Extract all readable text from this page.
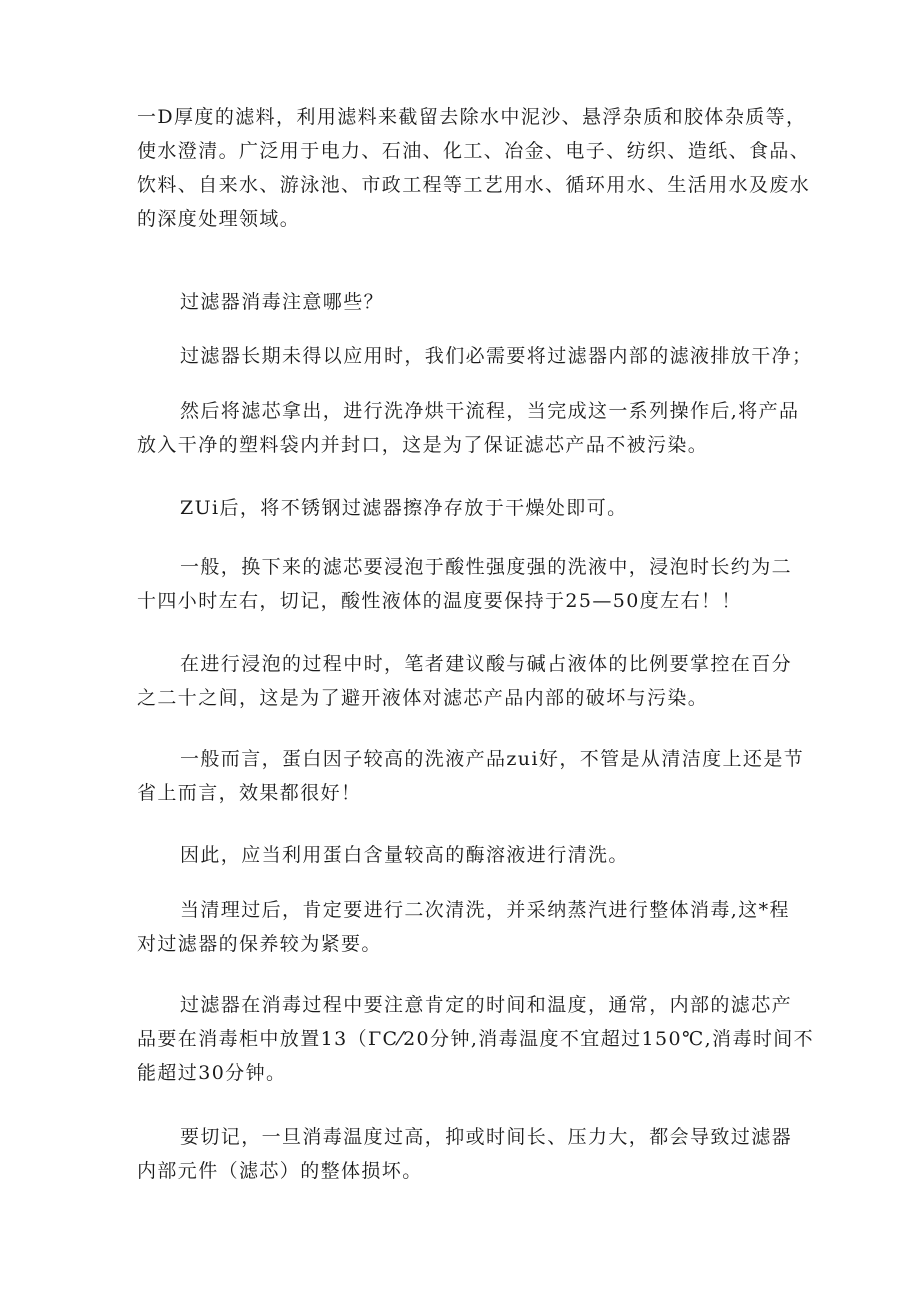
一D厚度的滤料，利用滤料来截留去除水中泥沙、悬浮杂质和胶体杂质等，
使水澄清。广泛用于电力、石油、化工、冶金、电子、纺织、造纸、食品、
饮料、自来水、游泳池、市政工程等工艺用水、循环用水、生活用水及废水
的深度处理领域。
过滤器消毒注意哪些？
过滤器长期未得以应用时，我们必需要将过滤器内部的滤液排放干净；
然后将滤芯拿出，进行洗净烘干流程，当完成这一系列操作后,将产品
放入干净的塑料袋内并封口，这是为了保证滤芯产品不被污染。
ZUi后，将不锈钢过滤器擦净存放于干燥处即可。
一般，换下来的滤芯要浸泡于酸性强度强的洗液中，浸泡时长约为二
十四小时左右，切记，酸性液体的温度要保持于25—50度左右！！
在进行浸泡的过程中时，笔者建议酸与碱占液体的比例要掌控在百分
之二十之间，这是为了避开液体对滤芯产品内部的破坏与污染。
一般而言，蛋白因子较高的洗液产品zui好，不管是从清洁度上还是节
省上而言，效果都很好！
因此，应当利用蛋白含量较高的酶溶液进行清洗。
当清理过后，肯定要进行二次清洗，并采纳蒸汽进行整体消毒,这*程
对过滤器的保养较为紧要。
过滤器在消毒过程中要注意肯定的时间和温度，通常，内部的滤芯产
品要在消毒柜中放置13（ΓC⁄20分钟,消毒温度不宜超过150℃,消毒时间不
能超过30分钟。
要切记，一旦消毒温度过高，抑或时间长、压力大，都会导致过滤器
内部元件（滤芯）的整体损坏。
